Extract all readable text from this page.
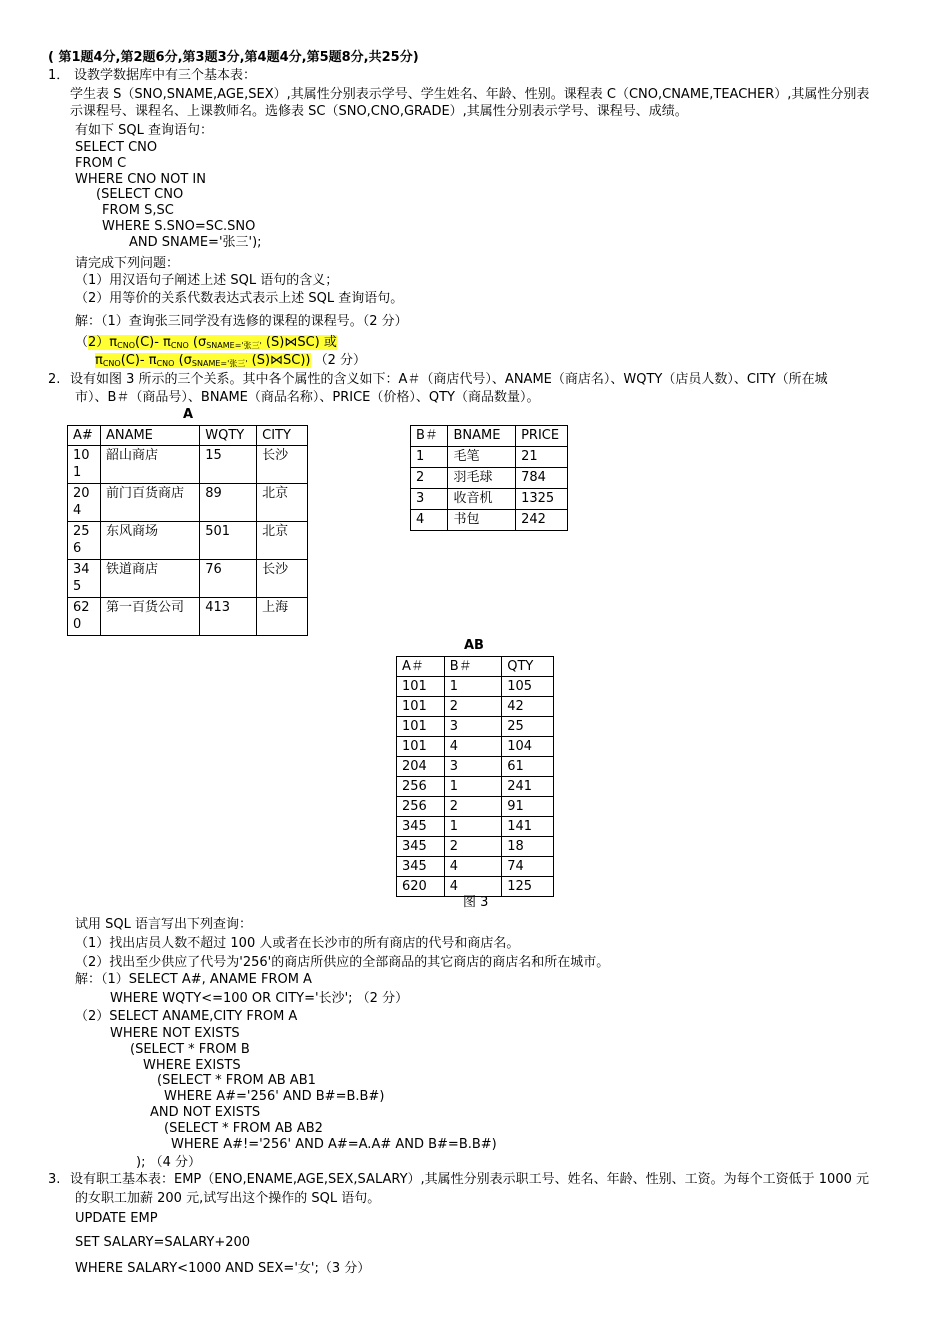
( 第1题4分,第2题6分,第3题3分,第4题4分,第5题8分,共25分)
1． 设教学数据库中有三个基本表：
学生表 S（SNO,SNAME,AGE,SEX）,其属性分别表示学号、学生姓名、年龄、性别。课程表 C（CNO,CNAME,TEACHER）,其属性分别表
示课程号、课程名、上课教师名。选修表 SC（SNO,CNO,GRADE）,其属性分别表示学号、课程号、成绩。
有如下 SQL 查询语句：
SELECT CNO
FROM C
WHERE CNO NOT IN
(SELECT CNO
FROM S,SC
WHERE S.SNO=SC.SNO
AND SNAME='张三');
请完成下列问题：
（1）用汉语句子阐述上述 SQL 语句的含义；
（2）用等价的关系代数表达式表示上述 SQL 查询语句。
解：（1）查询张三同学没有选修的课程的课程号。（2 分）
$(2)\pi_{CNO}(C)-$ $\pi_{CNO}$ ($\sigma_{SNAME='张三'}$ (S)⋈SC) 或
$\pi_{CNO}(C)-$ $\pi_{CNO}$ ($\sigma_{SNAME='张三'}$ (S)⋈SC)) （2 分）
2. 设有如图 3 所示的三个关系。其中各个属性的含义如下：A＃（商店代号）、ANAME（商店名）、WQTY（店员人数）、CITY（所在城
市）、B＃（商品号）、BNAME（商品名称）、PRICE（价格）、QTY（商品数量）。
A
A#	ANAME	WQTY	CITY
10
1	韶山商店	15	长沙
20
4	前门百货商店	89	北京
25
6	东风商场	501	北京
34
5	铁道商店	76	长沙
62
0	第一百货公司	413	上海
B＃	BNAME	PRICE
1	毛笔	21
2	羽毛球	784
3	收音机	1325
4	书包	242
AB
A＃	B＃	QTY
101	1	105
101	2	42
101	3	25
101	4	104
204	3	61
256	1	241
256	2	91
345	1	141
345	2	18
345	4	74
620	4	125
图 3
试用 SQL 语言写出下列查询：
（1）找出店员人数不超过 100 人或者在长沙市的所有商店的代号和商店名。
（2）找出至少供应了代号为'256'的商店所供应的全部商品的其它商店的商店名和所在城市。
解：（1）SELECT A#, ANAME FROM A
WHERE WQTY<=100 OR CITY='长沙'; （2 分）
（2）SELECT ANAME,CITY FROM A
WHERE NOT EXISTS
(SELECT * FROM B
WHERE EXISTS
(SELECT * FROM AB AB1
WHERE A#='256' AND B#=B.B#)
AND NOT EXISTS
(SELECT * FROM AB AB2
WHERE A#!='256' AND A#=A.A# AND B#=B.B#)
); （4 分）
3. 设有职工基本表：EMP（ENO,ENAME,AGE,SEX,SALARY）,其属性分别表示职工号、姓名、年龄、性别、工资。为每个工资低于 1000 元
的女职工加薪 200 元,试写出这个操作的 SQL 语句。
UPDATE EMP
SET SALARY=SALARY+200
WHERE SALARY<1000 AND SEX='女';（3 分）
